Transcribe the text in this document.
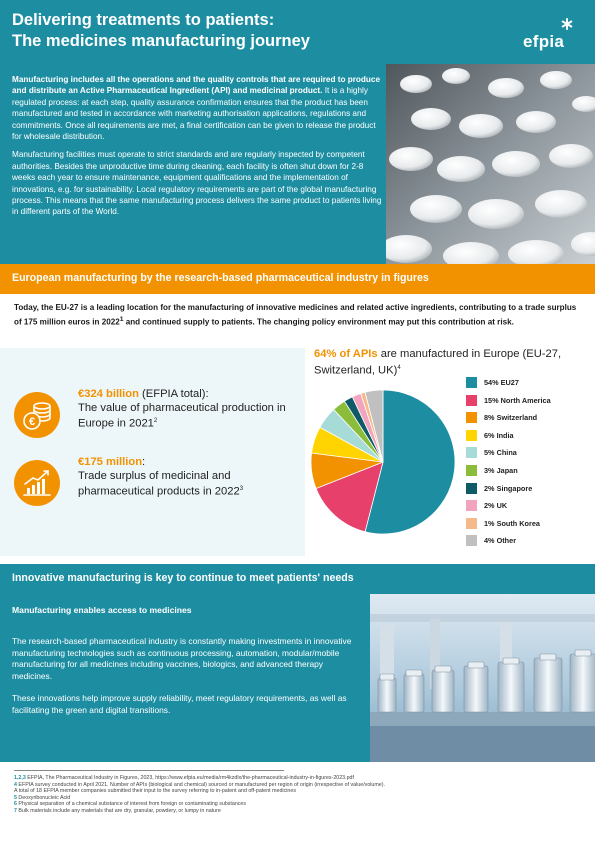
Delivering treatments to patients:
The medicines manufacturing journey	efpia

Manufacturing includes all the operations and the quality controls that are required to produce and distribute an Active Pharmaceutical Ingredient (API) and medicinal product. It is a highly regulated process: at each step, quality assurance confirmation ensures that the product has been manufactured and tested in accordance with marketing authorisation applications, regulations and commitments. Once all requirements are met, a final certification can be given to release the product for wholesale distribution.

Manufacturing facilities must operate to strict standards and are regularly inspected by competent authorities. Besides the unproductive time during cleaning, each facility is often shut down for 2-8 weeks each year to ensure maintenance, equipment qualifications and the implementation of innovations, e.g. for sustainability. Local regulatory requirements are part of the global manufacturing process. This means that the same manufacturing process delivers the same product to patients living in different parts of the World.

European manufacturing by the research-based pharmaceutical industry in figures
Today, the EU-27 is a leading location for the manufacturing of innovative medicines and related active ingredients, contributing to a trade surplus of 175 million euros in 2022$^1$ and continued supply to patients. The changing policy environment may put this contribution at risk.
€
€324 billion (EFPIA total):
The value of pharmaceutical production in Europe in 2021$^2$
€175 million:
Trade surplus of medicinal and pharmaceutical products in 2022$^3$
64% of APIs are manufactured in Europe (EU-27, Switzerland, UK)$^4$
54% EU27
15% North America
8% Switzerland
6% India
5% China
3% Japan
2% Singapore
2% UK
1% South Korea
4% Other
Innovative manufacturing is key to continue to meet patients' needs
Manufacturing enables access to medicines

The research-based pharmaceutical industry is constantly making investments in innovative manufacturing technologies such as continuous processing, automation, modular/mobile manufacturing for all medicines including vaccines, biologics, and advanced therapy medicines.

These innovations help improve supply reliability, meet regulatory requirements, as well as facilitating the green and digital transitions.

1,2,3 EFPIA, The Pharmaceutical Industry in Figures, 2023, https://www.efpia.eu/media/rm4kzdlx/the-pharmaceutical-industry-in-figures-2023.pdf
4 EFPIA survey conducted in April 2021. Number of APIs (biological and chemical) sourced or manufactured per region of origin (irrespective of value/volume).
A total of 18 EFPIA member companies submitted their input to the survey referring to in-patent and off-patent medicines
5 Deoxyribonucleic Acid
6 Physical separation of a chemical substance of interest from foreign or contaminating substances
7 Bulk materials include any materials that are dry, granular, powdery, or lumpy in nature
